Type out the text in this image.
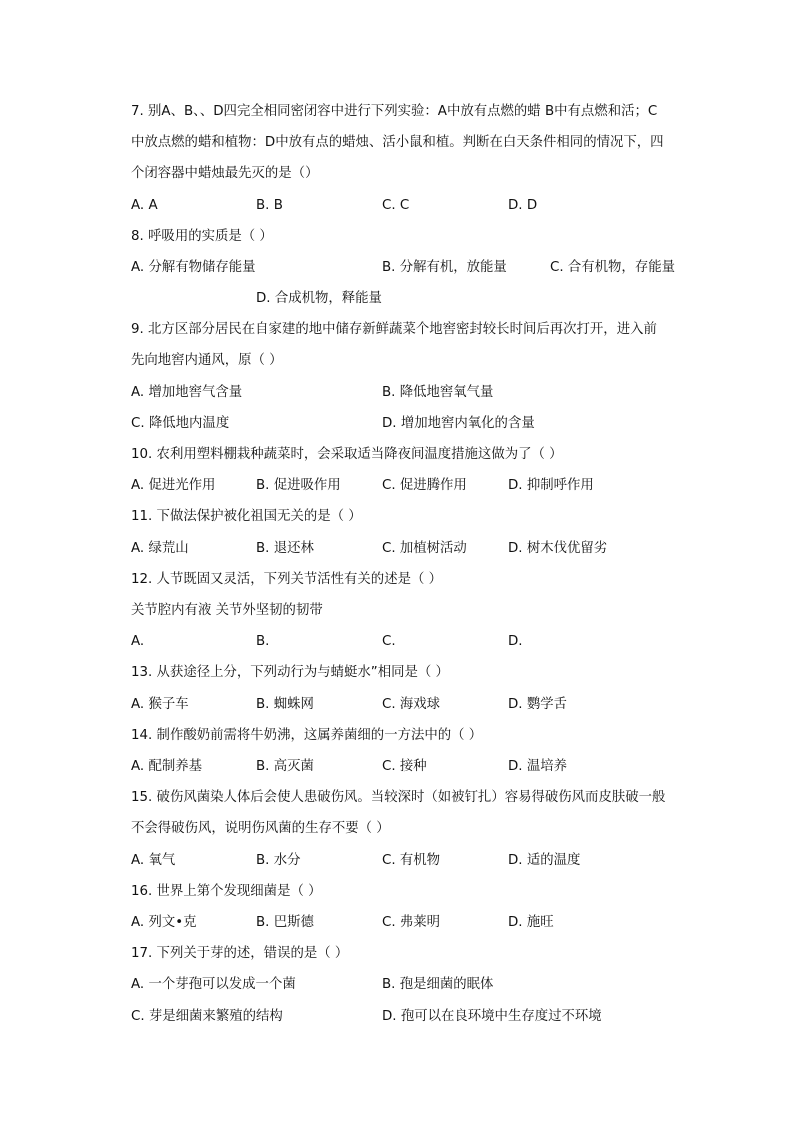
7. 别A、B、、D四完全相同密闭容中进行下列实验：A中放有点燃的蜡 B中有点燃和活；C
中放点燃的蜡和植物：D中放有点的蜡烛、活小鼠和植。判断在白天条件相同的情况下，四
个闭容器中蜡烛最先灭的是（）
A. A	B. B	C. C	D. D
8. 呼吸用的实质是（ ）
A. 分解有物储存能量	B. 分解有机，放能量	C. 合有机物，存能量
D. 合成机物，释能量
9. 北方区部分居民在自家建的地中储存新鲜蔬菜个地窖密封较长时间后再次打开，进入前
先向地窖内通风，原（ ）
A. 增加地窖气含量	B. 降低地窖氧气量
C. 降低地内温度	D. 增加地窖内氧化的含量
10. 农利用塑料棚栽种蔬菜时，会采取适当降夜间温度措施这做为了（ ）
A. 促进光作用	B. 促进吸作用	C. 促进腾作用	D. 抑制呼作用
11. 下做法保护被化祖国无关的是（ ）
A. 绿荒山	B. 退还林	C. 加植树活动	D. 树木伐优留劣
12. 人节既固又灵活，下列关节活性有关的述是（ ）
关节腔内有液 关节外坚韧的韧带
A.	B.	C.	D.
13. 从获途径上分，下列动行为与蜻蜓水”相同是（ ）
A. 猴子车	B. 蜘蛛网	C. 海戏球	D. 鹦学舌
14. 制作酸奶前需将牛奶沸，这属养菌细的一方法中的（ ）
A. 配制养基	B. 高灭菌	C. 接种	D. 温培养
15. 破伤风菌染人体后会使人患破伤风。当较深时（如被钉扎）容易得破伤风而皮肤破一般
不会得破伤风，说明伤风菌的生存不要（ ）
A. 氧气	B. 水分	C. 有机物	D. 适的温度
16. 世界上第个发现细菌是（ ）
A. 列文•克	B. 巴斯德	C. 弗莱明	D. 施旺
17. 下列关于芽的述，错误的是（ ）
A. 一个芽孢可以发成一个菌	B. 孢是细菌的眠体
C. 芽是细菌来繁殖的结构	D. 孢可以在良环境中生存度过不环境
